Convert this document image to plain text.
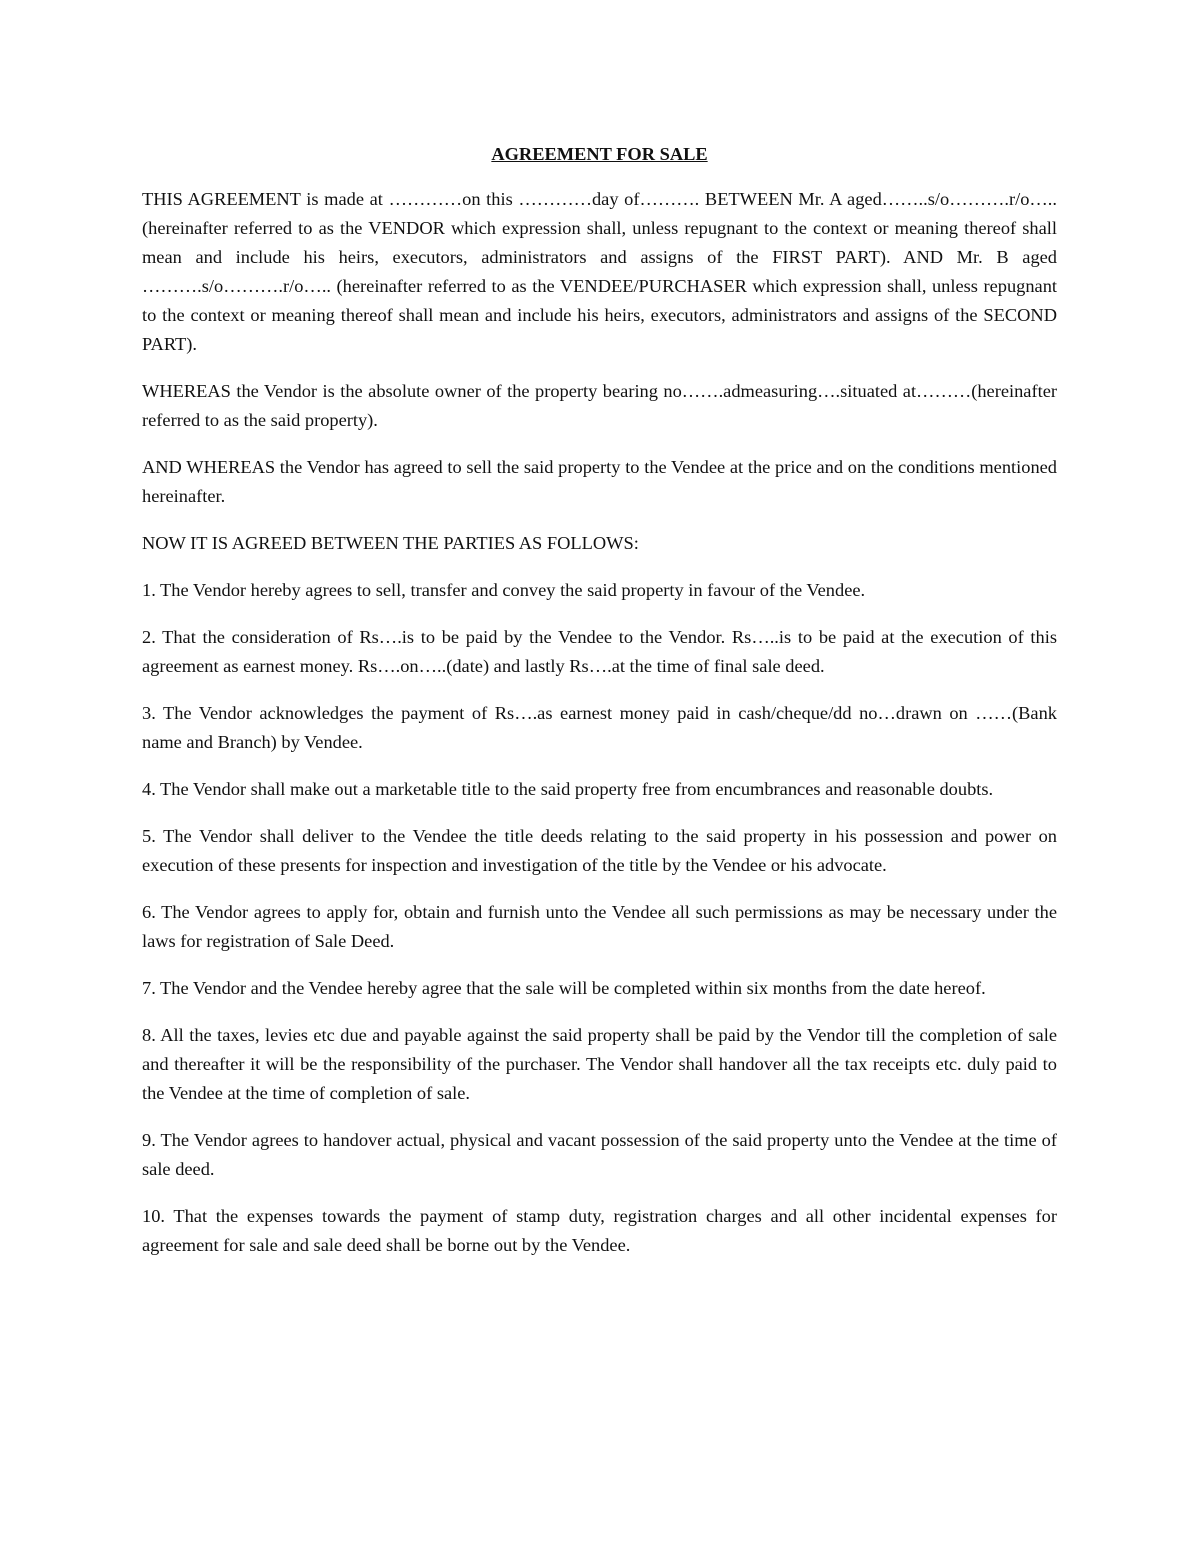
AGREEMENT FOR SALE

THIS AGREEMENT is made at …………on this …………day of………. BETWEEN Mr. A aged……..s/o……….r/o….. (hereinafter referred to as the VENDOR which expression shall, unless repugnant to the context or meaning thereof shall mean and include his heirs, executors, administrators and assigns of the FIRST PART). AND Mr. B aged ……….s/o……….r/o….. (hereinafter referred to as the VENDEE/PURCHASER which expression shall, unless repugnant to the context or meaning thereof shall mean and include his heirs, executors, administrators and assigns of the SECOND PART).

WHEREAS the Vendor is the absolute owner of the property bearing no…….admeasuring….situated at………(hereinafter referred to as the said property).

AND WHEREAS the Vendor has agreed to sell the said property to the Vendee at the price and on the conditions mentioned hereinafter.

NOW IT IS AGREED BETWEEN THE PARTIES AS FOLLOWS:

1. The Vendor hereby agrees to sell, transfer and convey the said property in favour of the Vendee.

2. That the consideration of Rs….is to be paid by the Vendee to the Vendor. Rs…..is to be paid at the execution of this agreement as earnest money. Rs….on…..(date) and lastly Rs….at the time of final sale deed.

3. The Vendor acknowledges the payment of Rs….as earnest money paid in cash/cheque/dd no…drawn on ……(Bank name and Branch) by Vendee.

4. The Vendor shall make out a marketable title to the said property free from encumbrances and reasonable doubts.

5. The Vendor shall deliver to the Vendee the title deeds relating to the said property in his possession and power on execution of these presents for inspection and investigation of the title by the Vendee or his advocate.

6. The Vendor agrees to apply for, obtain and furnish unto the Vendee all such permissions as may be necessary under the laws for registration of Sale Deed.

7. The Vendor and the Vendee hereby agree that the sale will be completed within six months from the date hereof.

8. All the taxes, levies etc due and payable against the said property shall be paid by the Vendor till the completion of sale and thereafter it will be the responsibility of the purchaser. The Vendor shall handover all the tax receipts etc. duly paid to the Vendee at the time of completion of sale.

9. The Vendor agrees to handover actual, physical and vacant possession of the said property unto the Vendee at the time of sale deed.

10. That the expenses towards the payment of stamp duty, registration charges and all other incidental expenses for agreement for sale and sale deed shall be borne out by the Vendee.
